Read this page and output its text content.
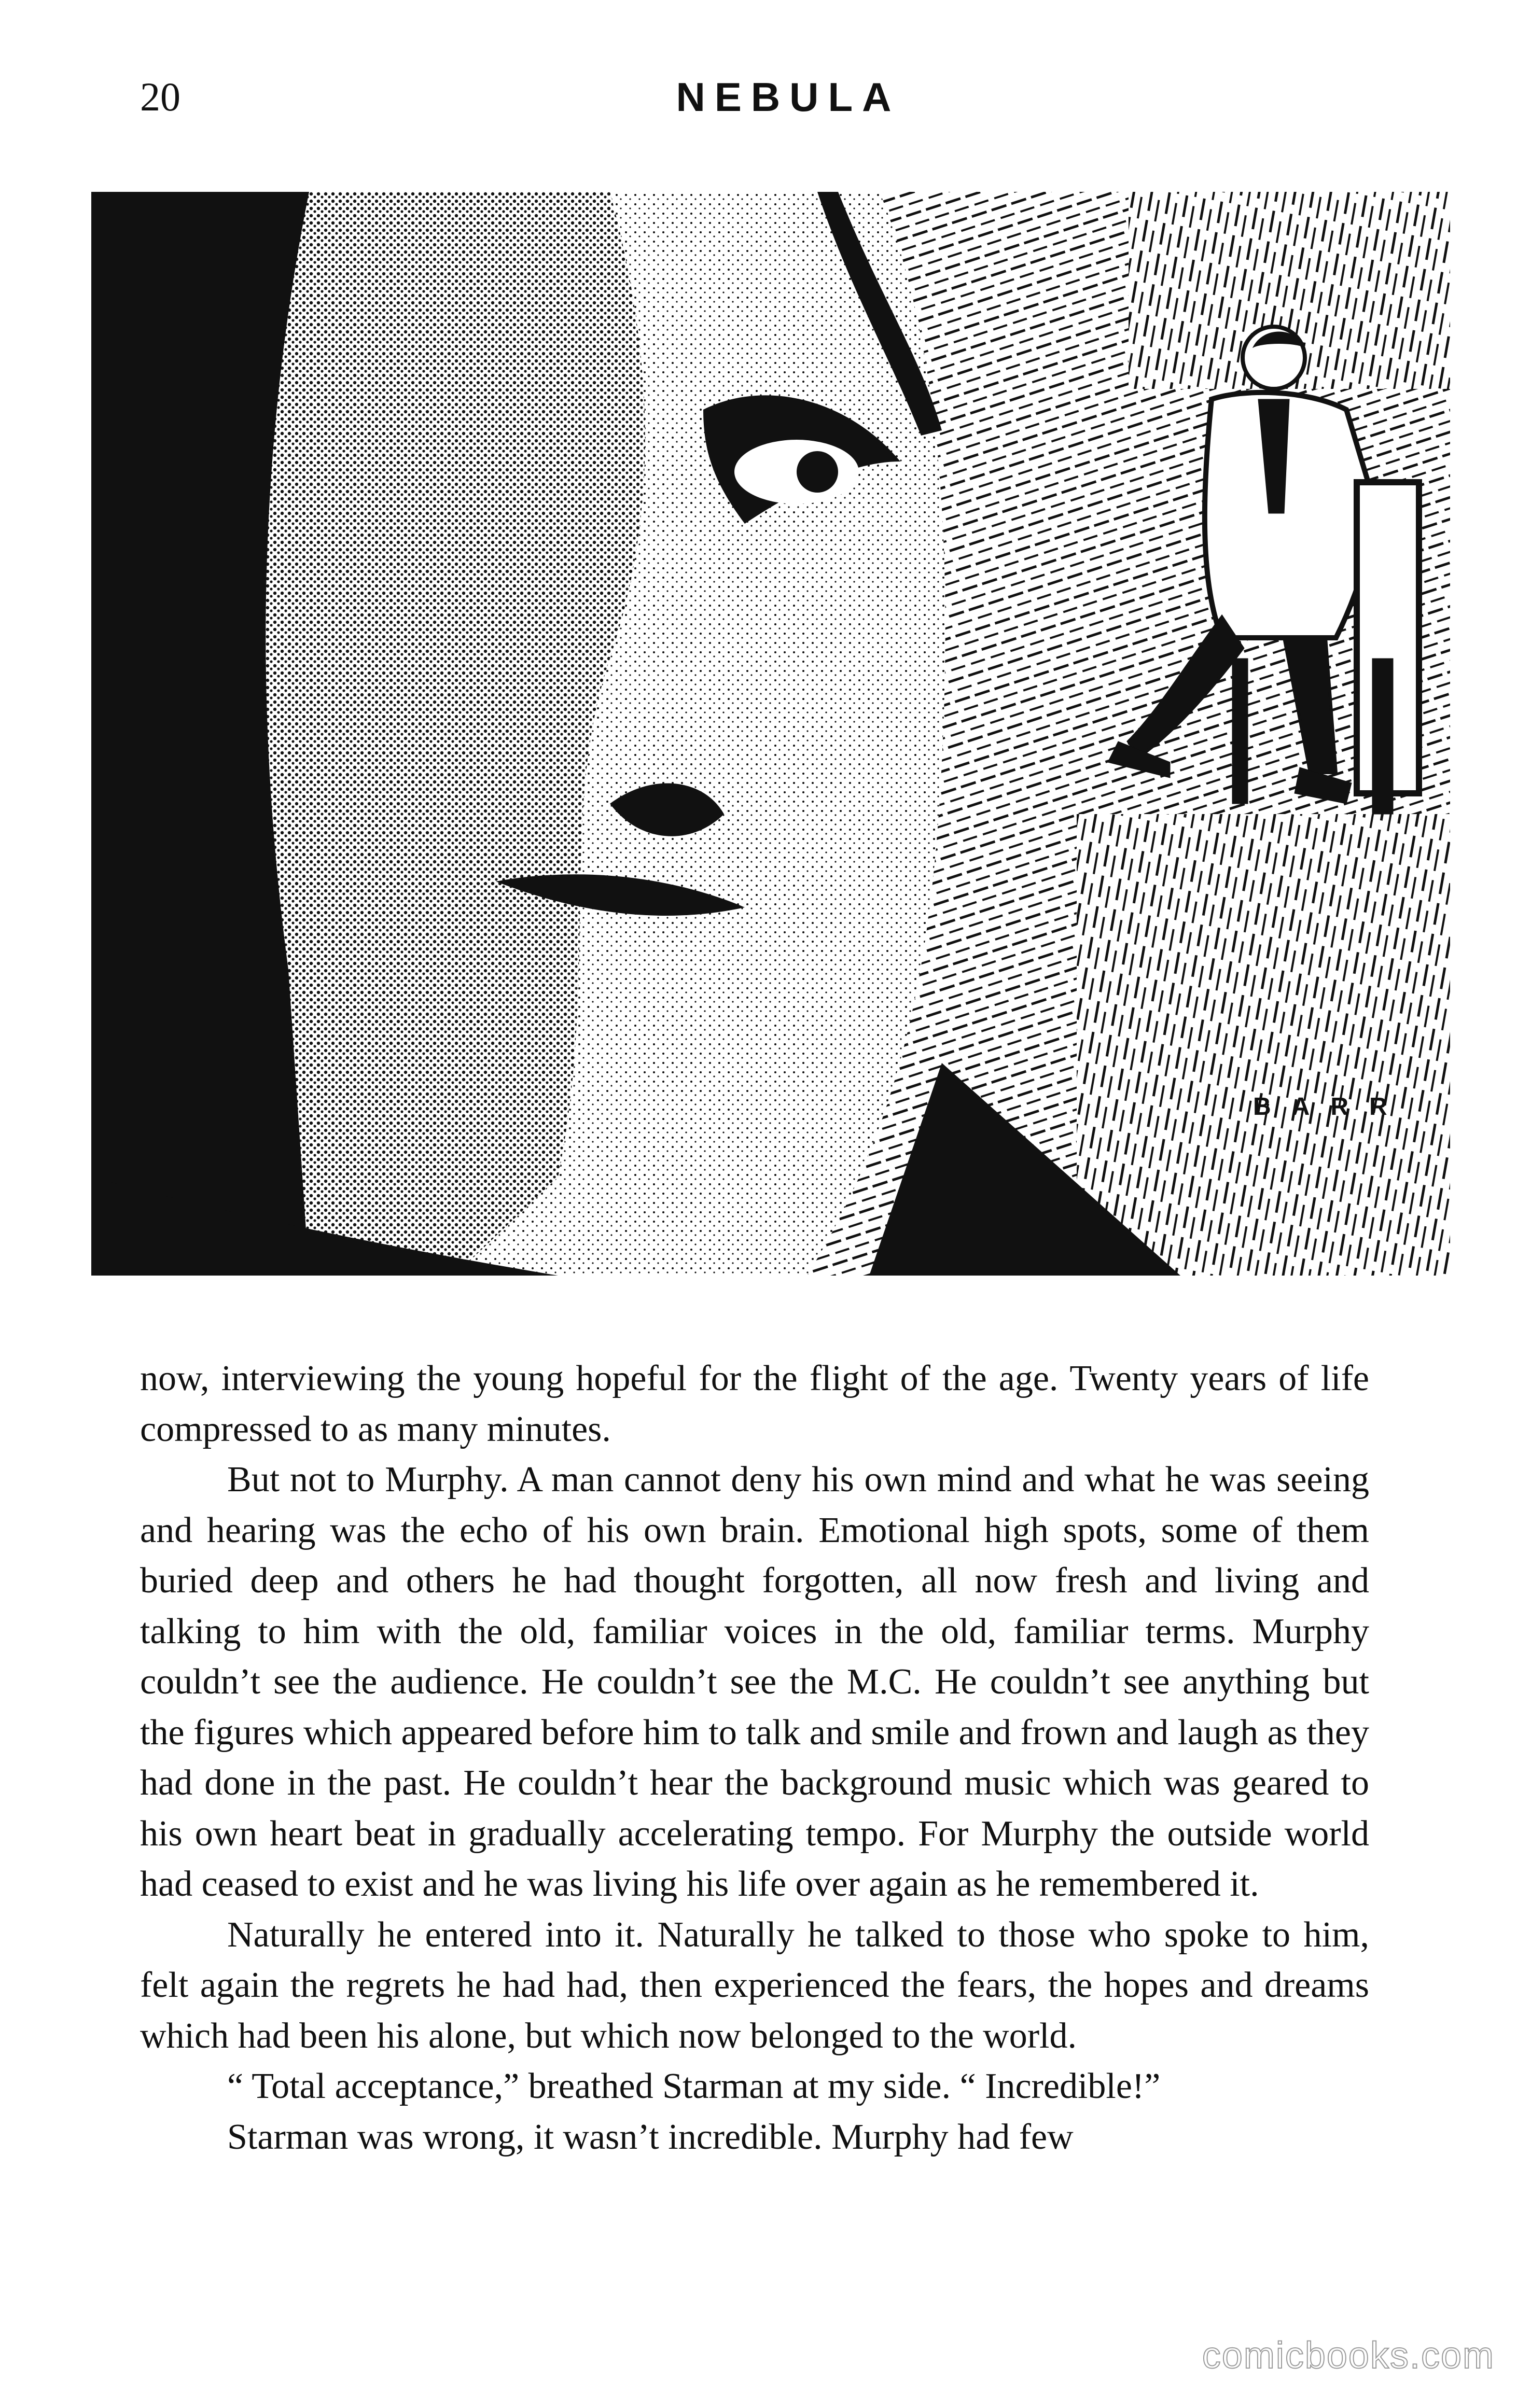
20	NEBULA
BARR

now, interviewing the young hopeful for the flight of the age. Twenty years of life compressed to as many minutes.

But not to Murphy. A man cannot deny his own mind and what he was seeing and hearing was the echo of his own brain. Emotional high spots, some of them buried deep and others he had thought forgotten, all now fresh and living and talking to him with the old, familiar voices in the old, familiar terms. Murphy couldn’t see the audience. He couldn’t see the M.C. He couldn’t see anything but the figures which appeared before him to talk and smile and frown and laugh as they had done in the past. He couldn’t hear the background music which was geared to his own heart beat in gradually accelerating tempo. For Murphy the outside world had ceased to exist and he was living his life over again as he remembered it.

Naturally he entered into it. Naturally he talked to those who spoke to him, felt again the regrets he had had, then experienced the fears, the hopes and dreams which had been his alone, but which now belonged to the world.

“ Total acceptance,” breathed Starman at my side. “ Incredible!”

Starman was wrong, it wasn’t incredible. Murphy had few

comicbooks.com
